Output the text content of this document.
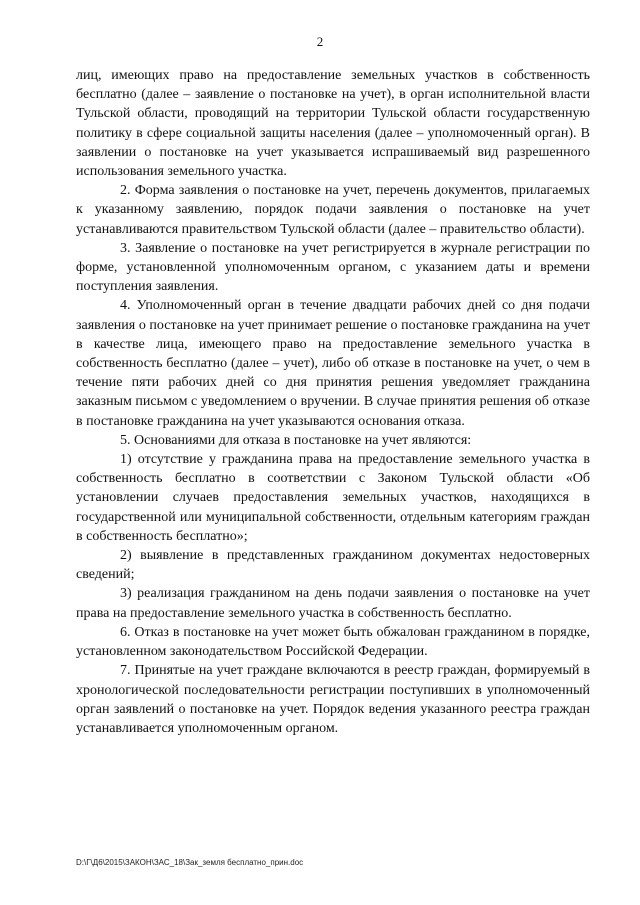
2

лиц, имеющих право на предоставление земельных участков в собственность бесплатно (далее – заявление о постановке на учет), в орган исполнительной власти Тульской области, проводящий на территории Тульской области государственную политику в сфере социальной защиты населения (далее – уполномоченный орган). В заявлении о постановке на учет указывается испрашиваемый вид разрешенного использования земельного участка.

2. Форма заявления о постановке на учет, перечень документов, прилагаемых к указанному заявлению, порядок подачи заявления о постановке на учет устанавливаются правительством Тульской области (далее – правительство области).

3. Заявление о постановке на учет регистрируется в журнале регистрации по форме, установленной уполномоченным органом, с указанием даты и времени поступления заявления.

4. Уполномоченный орган в течение двадцати рабочих дней со дня подачи заявления о постановке на учет принимает решение о постановке гражданина на учет в качестве лица, имеющего право на предоставление земельного участка в собственность бесплатно (далее – учет), либо об отказе в постановке на учет, о чем в течение пяти рабочих дней со дня принятия решения уведомляет гражданина заказным письмом с уведомлением о вручении. В случае принятия решения об отказе в постановке гражданина на учет указываются основания отказа.

5. Основаниями для отказа в постановке на учет являются:

1) отсутствие у гражданина права на предоставление земельного участка в собственность бесплатно в соответствии с Законом Тульской области «Об установлении случаев предоставления земельных участков, находящихся в государственной или муниципальной собственности, отдельным категориям граждан в собственность бесплатно»;

2) выявление в представленных гражданином документах недостоверных сведений;

3) реализация гражданином на день подачи заявления о постановке на учет права на предоставление земельного участка в собственность бесплатно.

6. Отказ в постановке на учет может быть обжалован гражданином в порядке, установленном законодательством Российской Федерации.

7. Принятые на учет граждане включаются в реестр граждан, формируемый в хронологической последовательности регистрации поступивших в уполномоченный орган заявлений о постановке на учет. Порядок ведения указанного реестра граждан устанавливается уполномоченным органом.

D:\Г\Д6\2015\ЗАКОН\ЗАС_18\Зак_земля бесплатно_прин.doc
